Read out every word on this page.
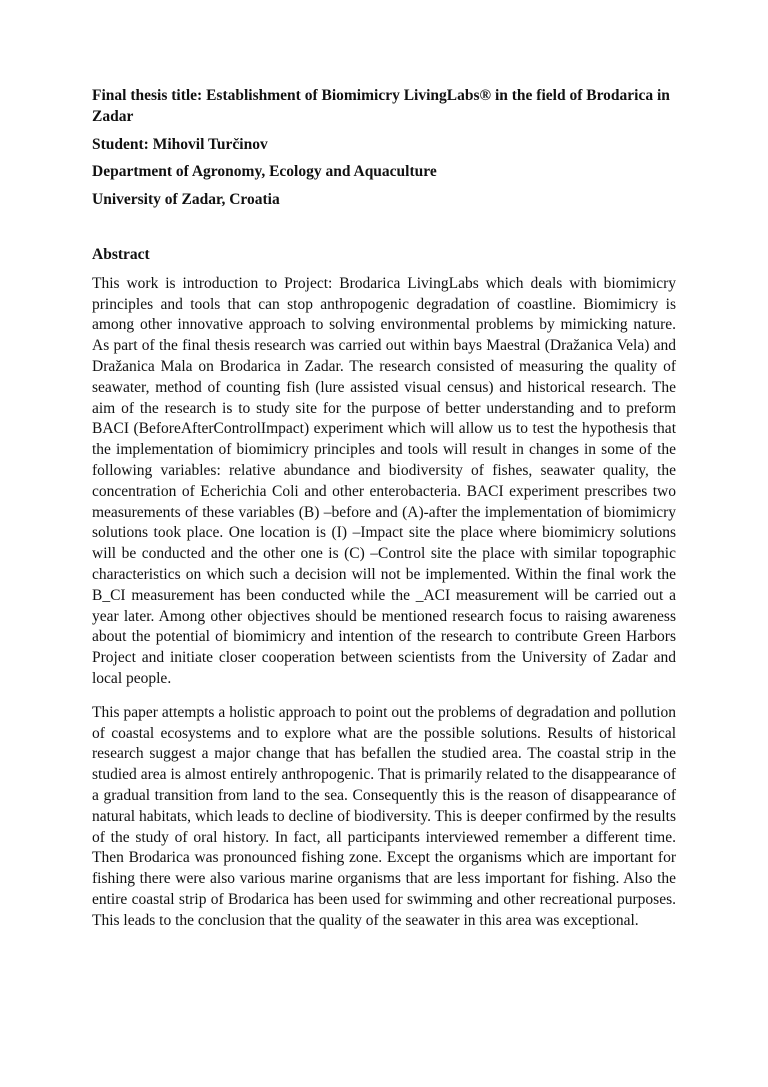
Final thesis title: Establishment of Biomimicry LivingLabs® in the field of Brodarica in Zadar

Student: Mihovil Turčinov

Department of Agronomy, Ecology and Aquaculture

University of Zadar, Croatia

Abstract

This work is introduction to Project: Brodarica LivingLabs which deals with biomimicry principles and tools that can stop anthropogenic degradation of coastline. Biomimicry is among other innovative approach to solving environmental problems by mimicking nature. As part of the final thesis research was carried out within bays Maestral (Dražanica Vela) and Dražanica Mala on Brodarica in Zadar. The research consisted of measuring the quality of seawater, method of counting fish (lure assisted visual census) and historical research. The aim of the research is to study site for the purpose of better understanding and to preform BACI (BeforeAfterControlImpact) experiment which will allow us to test the hypothesis that the implementation of biomimicry principles and tools will result in changes in some of the following variables: relative abundance and biodiversity of fishes, seawater quality, the concentration of Echerichia Coli and other enterobacteria. BACI experiment prescribes two measurements of these variables (B) –before and (A)-after the implementation of biomimicry solutions took place. One location is (I) –Impact site the place where biomimicry solutions will be conducted and the other one is (C) –Control site the place with similar topographic characteristics on which such a decision will not be implemented. Within the final work the B_CI measurement has been conducted while the _ACI measurement will be carried out a year later. Among other objectives should be mentioned research focus to raising awareness about the potential of biomimicry and intention of the research to contribute Green Harbors Project and initiate closer cooperation between scientists from the University of Zadar and local people.

This paper attempts a holistic approach to point out the problems of degradation and pollution of coastal ecosystems and to explore what are the possible solutions. Results of historical research suggest a major change that has befallen the studied area. The coastal strip in the studied area is almost entirely anthropogenic. That is primarily related to the disappearance of a gradual transition from land to the sea. Consequently this is the reason of disappearance of natural habitats, which leads to decline of biodiversity. This is deeper confirmed by the results of the study of oral history. In fact, all participants interviewed remember a different time. Then Brodarica was pronounced fishing zone. Except the organisms which are important for fishing there were also various marine organisms that are less important for fishing. Also the entire coastal strip of Brodarica has been used for swimming and other recreational purposes. This leads to the conclusion that the quality of the seawater in this area was exceptional.
